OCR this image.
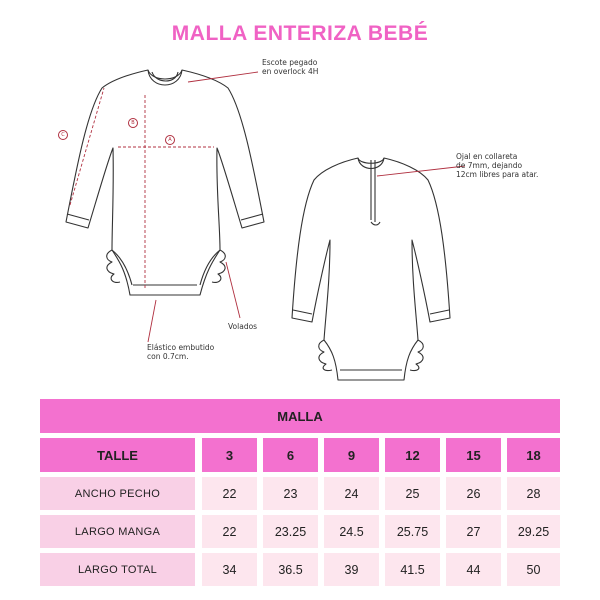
MALLA ENTERIZA BEBÉ
A
B
C
Escote pegado
en overlock 4H
Ojal en collareta
de 7mm, dejando
12cm libres para atar.
Volados
Elástico embutido
con 0.7cm.
MALLA
TALLE	3	6	9	12	15	18
ANCHO PECHO	22	23	24	25	26	28
LARGO MANGA	22	23.25	24.5	25.75	27	29.25
LARGO TOTAL	34	36.5	39	41.5	44	50
